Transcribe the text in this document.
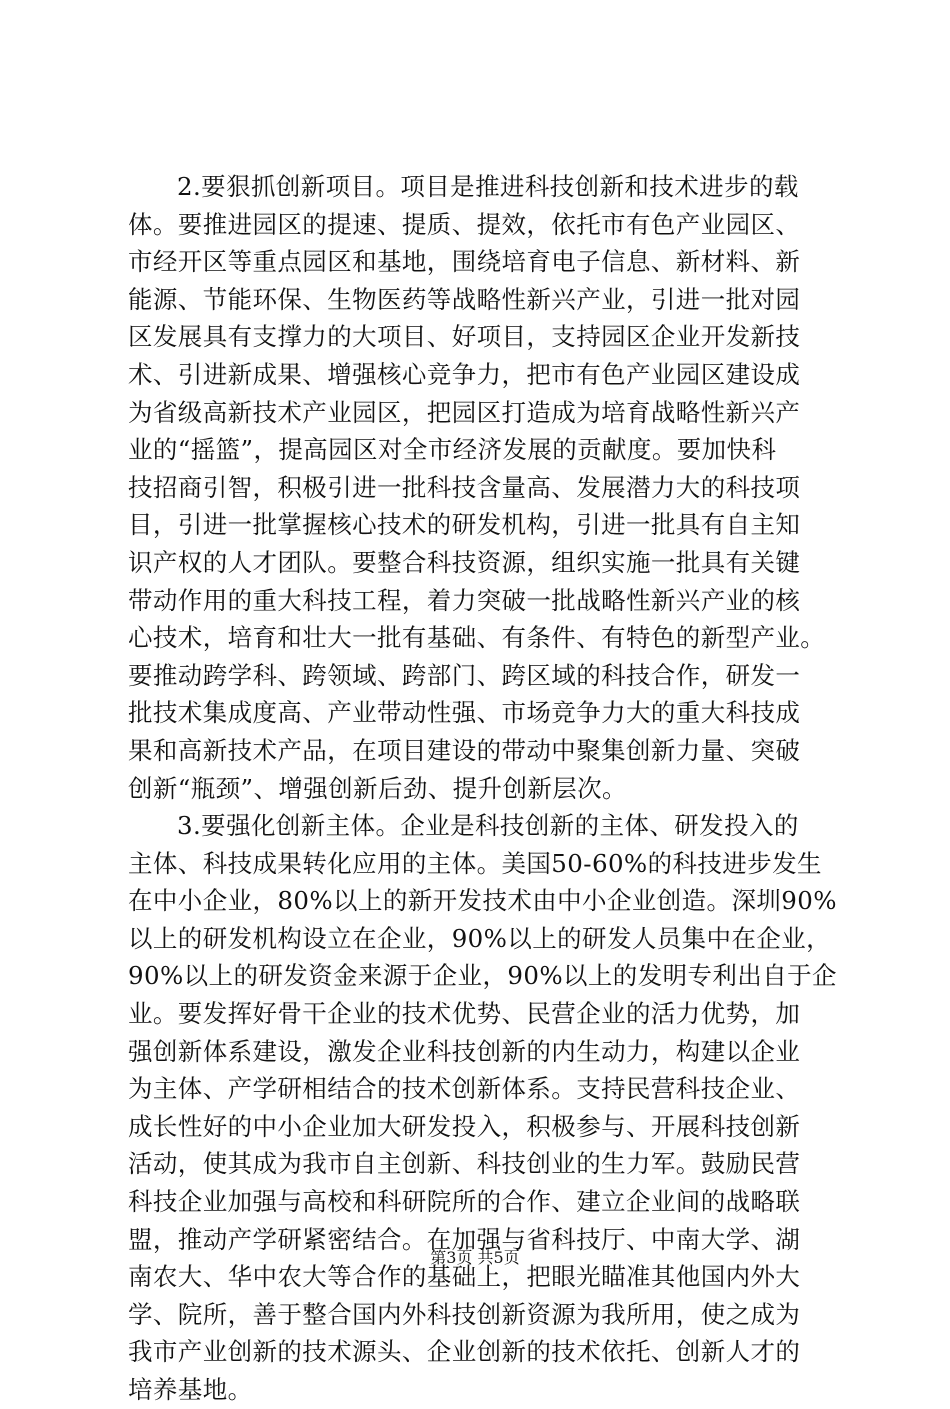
2.要狠抓创新项目。项目是推进科技创新和技术进步的载
体。要推进园区的提速、提质、提效，依托市有色产业园区、
市经开区等重点园区和基地，围绕培育电子信息、新材料、新
能源、节能环保、生物医药等战略性新兴产业，引进一批对园
区发展具有支撑力的大项目、好项目，支持园区企业开发新技
术、引进新成果、增强核心竞争力，把市有色产业园区建设成
为省级高新技术产业园区，把园区打造成为培育战略性新兴产
业的“摇篮”，提高园区对全市经济发展的贡献度。要加快科
技招商引智，积极引进一批科技含量高、发展潜力大的科技项
目，引进一批掌握核心技术的研发机构，引进一批具有自主知
识产权的人才团队。要整合科技资源，组织实施一批具有关键
带动作用的重大科技工程，着力突破一批战略性新兴产业的核
心技术，培育和壮大一批有基础、有条件、有特色的新型产业。
要推动跨学科、跨领域、跨部门、跨区域的科技合作，研发一
批技术集成度高、产业带动性强、市场竞争力大的重大科技成
果和高新技术产品，在项目建设的带动中聚集创新力量、突破
创新“瓶颈”、增强创新后劲、提升创新层次。
3.要强化创新主体。企业是科技创新的主体、研发投入的
主体、科技成果转化应用的主体。美国50-60%的科技进步发生
在中小企业，80%以上的新开发技术由中小企业创造。深圳90%
以上的研发机构设立在企业，90%以上的研发人员集中在企业，
90%以上的研发资金来源于企业，90%以上的发明专利出自于企
业。要发挥好骨干企业的技术优势、民营企业的活力优势，加
强创新体系建设，激发企业科技创新的内生动力，构建以企业
为主体、产学研相结合的技术创新体系。支持民营科技企业、
成长性好的中小企业加大研发投入，积极参与、开展科技创新
活动，使其成为我市自主创新、科技创业的生力军。鼓励民营
科技企业加强与高校和科研院所的合作、建立企业间的战略联
盟，推动产学研紧密结合。在加强与省科技厅、中南大学、湖
南农大、华中农大等合作的基础上，把眼光瞄准其他国内外大
学、院所，善于整合国内外科技创新资源为我所用，使之成为
我市产业创新的技术源头、企业创新的技术依托、创新人才的
培养基地。
第3页 共5页
